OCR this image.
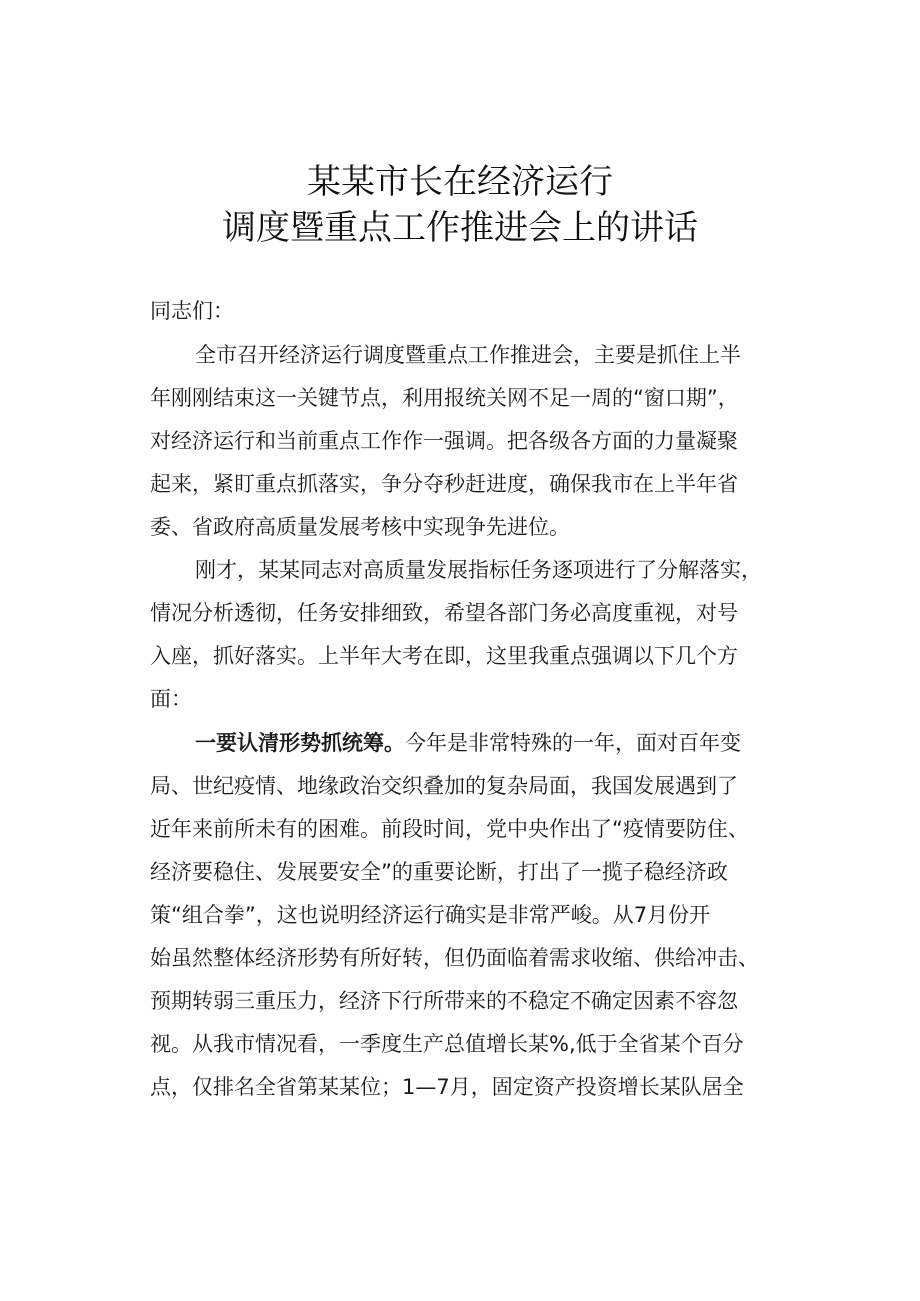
某某市长在经济运行
调度暨重点工作推进会上的讲话
同志们：
全市召开经济运行调度暨重点工作推进会，主要是抓住上半
年刚刚结束这一关键节点，利用报统关网不足一周的“窗口期”，
对经济运行和当前重点工作作一强调。把各级各方面的力量凝聚
起来，紧盯重点抓落实，争分夺秒赶进度，确保我市在上半年省
委、省政府高质量发展考核中实现争先进位。
刚才，某某同志对高质量发展指标任务逐项进行了分解落实，
情况分析透彻，任务安排细致，希望各部门务必高度重视，对号
入座，抓好落实。上半年大考在即，这里我重点强调以下几个方
面：
一要认清形势抓统筹。今年是非常特殊的一年，面对百年变
局、世纪疫情、地缘政治交织叠加的复杂局面，我国发展遇到了
近年来前所未有的困难。前段时间，党中央作出了“疫情要防住、
经济要稳住、发展要安全”的重要论断，打出了一揽子稳经济政
策“组合拳”，这也说明经济运行确实是非常严峻。从7月份开
始虽然整体经济形势有所好转，但仍面临着需求收缩、供给冲击、
预期转弱三重压力，经济下行所带来的不稳定不确定因素不容忽
视。从我市情况看，一季度生产总值增长某%,低于全省某个百分
点，仅排名全省第某某位；1—7月，固定资产投资增长某队居全
